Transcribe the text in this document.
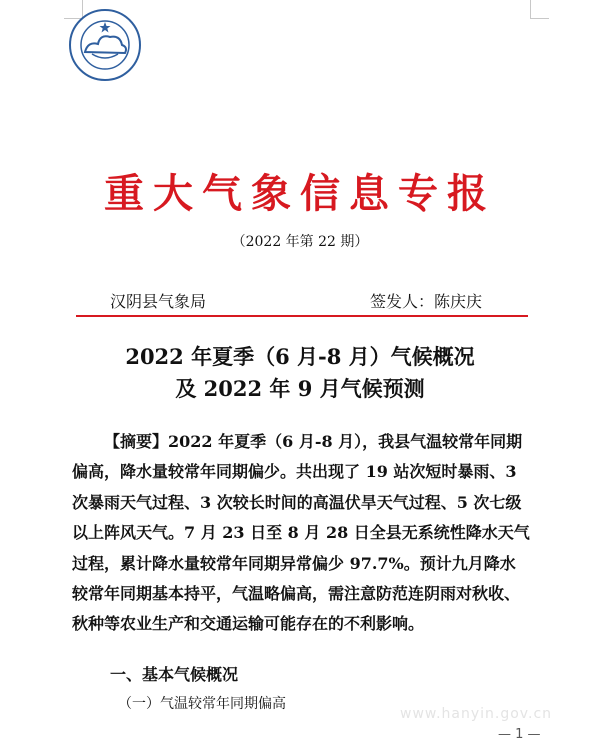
重大气象信息专报
（2022 年第 22 期）
汉阴县气象局	签发人：陈庆庆
2022 年夏季（6 月-8 月）气候概况
及 2022 年 9 月气候预测

【摘要】2022 年夏季（6 月-8 月），我县气温较常年同期偏高，降水量较常年同期偏少。共出现了 19 站次短时暴雨、3 次暴雨天气过程、3 次较长时间的高温伏旱天气过程、5 次七级以上阵风天气。7 月 23 日至 8 月 28 日全县无系统性降水天气过程，累计降水量较常年同期异常偏少 97.7%。预计九月降水较常年同期基本持平，气温略偏高，需注意防范连阴雨对秋收、秋种等农业生产和交通运输可能存在的不利影响。

一、基本气候概况
（一）气温较常年同期偏高
www.hanyin.gov.cn
— 1 —
